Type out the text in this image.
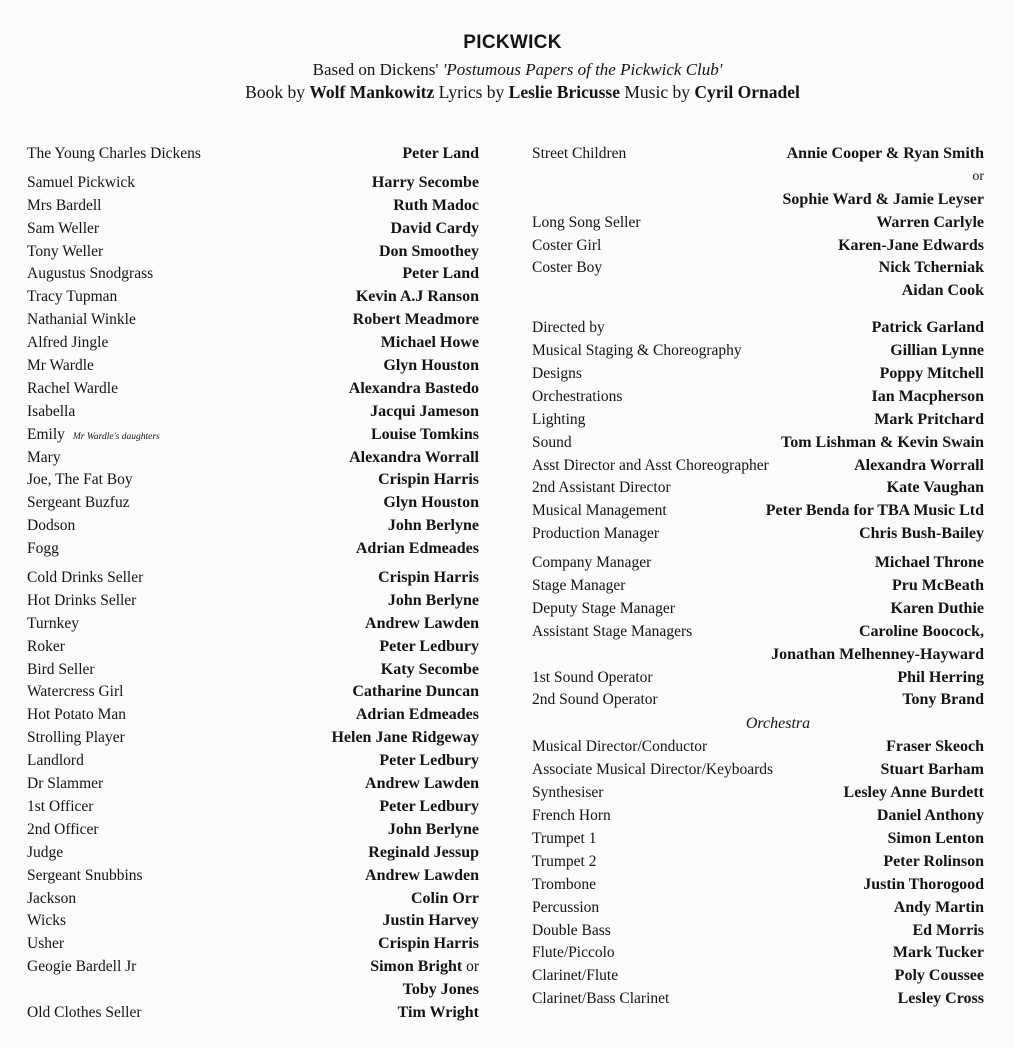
PICKWICK
Based on Dickens' 'Postumous Papers of the Pickwick Club'
Book by Wolf Mankowitz Lyrics by Leslie Bricusse Music by Cyril Ornadel
The Young Charles Dickens	Peter Land
Samuel Pickwick	Harry Secombe
Mrs Bardell	Ruth Madoc
Sam Weller	David Cardy
Tony Weller	Don Smoothey
Augustus Snodgrass	Peter Land
Tracy Tupman	Kevin A.J Ranson
Nathanial Winkle	Robert Meadmore
Alfred Jingle	Michael Howe
Mr Wardle	Glyn Houston
Rachel Wardle	Alexandra Bastedo
Isabella	Jacqui Jameson
Emily Mr Wardle's daughters	Louise Tomkins
Mary	Alexandra Worrall
Joe, The Fat Boy	Crispin Harris
Sergeant Buzfuz	Glyn Houston
Dodson	John Berlyne
Fogg	Adrian Edmeades
Cold Drinks Seller	Crispin Harris
Hot Drinks Seller	John Berlyne
Turnkey	Andrew Lawden
Roker	Peter Ledbury
Bird Seller	Katy Secombe
Watercress Girl	Catharine Duncan
Hot Potato Man	Adrian Edmeades
Strolling Player	Helen Jane Ridgeway
Landlord	Peter Ledbury
Dr Slammer	Andrew Lawden
1st Officer	Peter Ledbury
2nd Officer	John Berlyne
Judge	Reginald Jessup
Sergeant Snubbins	Andrew Lawden
Jackson	Colin Orr
Wicks	Justin Harvey
Usher	Crispin Harris
Geogie Bardell Jr	Simon Bright or
Toby Jones
Old Clothes Seller	Tim Wright
Street Children	Annie Cooper & Ryan Smith
or
Sophie Ward & Jamie Leyser
Long Song Seller	Warren Carlyle
Coster Girl	Karen-Jane Edwards
Coster Boy	Nick Tcherniak
Aidan Cook
Directed by	Patrick Garland
Musical Staging & Choreography	Gillian Lynne
Designs	Poppy Mitchell
Orchestrations	Ian Macpherson
Lighting	Mark Pritchard
Sound	Tom Lishman & Kevin Swain
Asst Director and Asst Choreographer	Alexandra Worrall
2nd Assistant Director	Kate Vaughan
Musical Management	Peter Benda for TBA Music Ltd
Production Manager	Chris Bush-Bailey
Company Manager	Michael Throne
Stage Manager	Pru McBeath
Deputy Stage Manager	Karen Duthie
Assistant Stage Managers	Caroline Boocock,
Jonathan Melhenney-Hayward
1st Sound Operator	Phil Herring
2nd Sound Operator	Tony Brand
Orchestra
Musical Director/Conductor	Fraser Skeoch
Associate Musical Director/Keyboards	Stuart Barham
Synthesiser	Lesley Anne Burdett
French Horn	Daniel Anthony
Trumpet 1	Simon Lenton
Trumpet 2	Peter Rolinson
Trombone	Justin Thorogood
Percussion	Andy Martin
Double Bass	Ed Morris
Flute/Piccolo	Mark Tucker
Clarinet/Flute	Poly Coussee
Clarinet/Bass Clarinet	Lesley Cross
